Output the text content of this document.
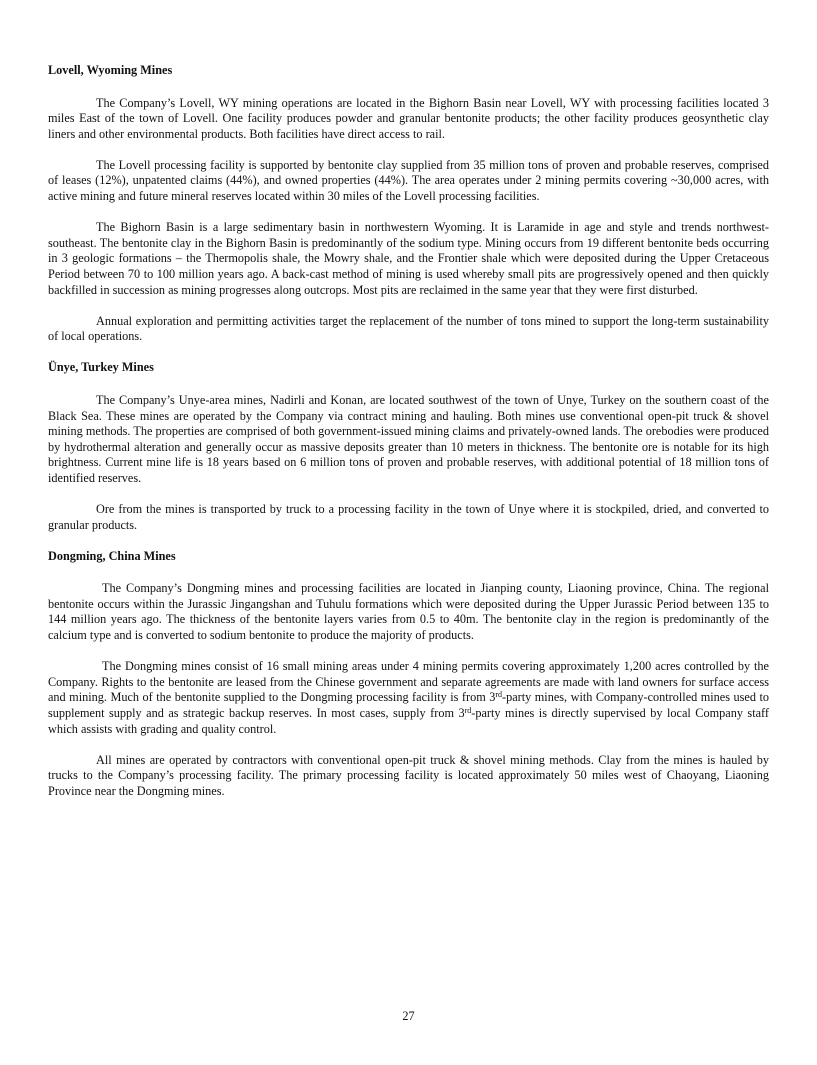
Lovell, Wyoming Mines

The Company’s Lovell, WY mining operations are located in the Bighorn Basin near Lovell, WY with processing facilities located 3 miles East of the town of Lovell. One facility produces powder and granular bentonite products; the other facility produces geosynthetic clay liners and other environmental products. Both facilities have direct access to rail.

The Lovell processing facility is supported by bentonite clay supplied from 35 million tons of proven and probable reserves, comprised of leases (12%), unpatented claims (44%), and owned properties (44%). The area operates under 2 mining permits covering ~30,000 acres, with active mining and future mineral reserves located within 30 miles of the Lovell processing facilities.

The Bighorn Basin is a large sedimentary basin in northwestern Wyoming. It is Laramide in age and style and trends northwest-southeast. The bentonite clay in the Bighorn Basin is predominantly of the sodium type. Mining occurs from 19 different bentonite beds occurring in 3 geologic formations – the Thermopolis shale, the Mowry shale, and the Frontier shale which were deposited during the Upper Cretaceous Period between 70 to 100 million years ago. A back-cast method of mining is used whereby small pits are progressively opened and then quickly backfilled in succession as mining progresses along outcrops. Most pits are reclaimed in the same year that they were first disturbed.

Annual exploration and permitting activities target the replacement of the number of tons mined to support the long-term sustainability of local operations.

Ünye, Turkey Mines

The Company’s Unye-area mines, Nadirli and Konan, are located southwest of the town of Unye, Turkey on the southern coast of the Black Sea. These mines are operated by the Company via contract mining and hauling. Both mines use conventional open-pit truck & shovel mining methods. The properties are comprised of both government-issued mining claims and privately-owned lands. The orebodies were produced by hydrothermal alteration and generally occur as massive deposits greater than 10 meters in thickness. The bentonite ore is notable for its high brightness. Current mine life is 18 years based on 6 million tons of proven and probable reserves, with additional potential of 18 million tons of identified reserves.

Ore from the mines is transported by truck to a processing facility in the town of Unye where it is stockpiled, dried, and converted to granular products.

Dongming, China Mines

The Company’s Dongming mines and processing facilities are located in Jianping county, Liaoning province, China. The regional bentonite occurs within the Jurassic Jingangshan and Tuhulu formations which were deposited during the Upper Jurassic Period between 135 to 144 million years ago. The thickness of the bentonite layers varies from 0.5 to 40m. The bentonite clay in the region is predominantly of the calcium type and is converted to sodium bentonite to produce the majority of products.

The Dongming mines consist of 16 small mining areas under 4 mining permits covering approximately 1,200 acres controlled by the Company. Rights to the bentonite are leased from the Chinese government and separate agreements are made with land owners for surface access and mining. Much of the bentonite supplied to the Dongming processing facility is from 3rd-party mines, with Company-controlled mines used to supplement supply and as strategic backup reserves. In most cases, supply from 3rd-party mines is directly supervised by local Company staff which assists with grading and quality control.

All mines are operated by contractors with conventional open-pit truck & shovel mining methods. Clay from the mines is hauled by trucks to the Company’s processing facility. The primary processing facility is located approximately 50 miles west of Chaoyang, Liaoning Province near the Dongming mines.

27
